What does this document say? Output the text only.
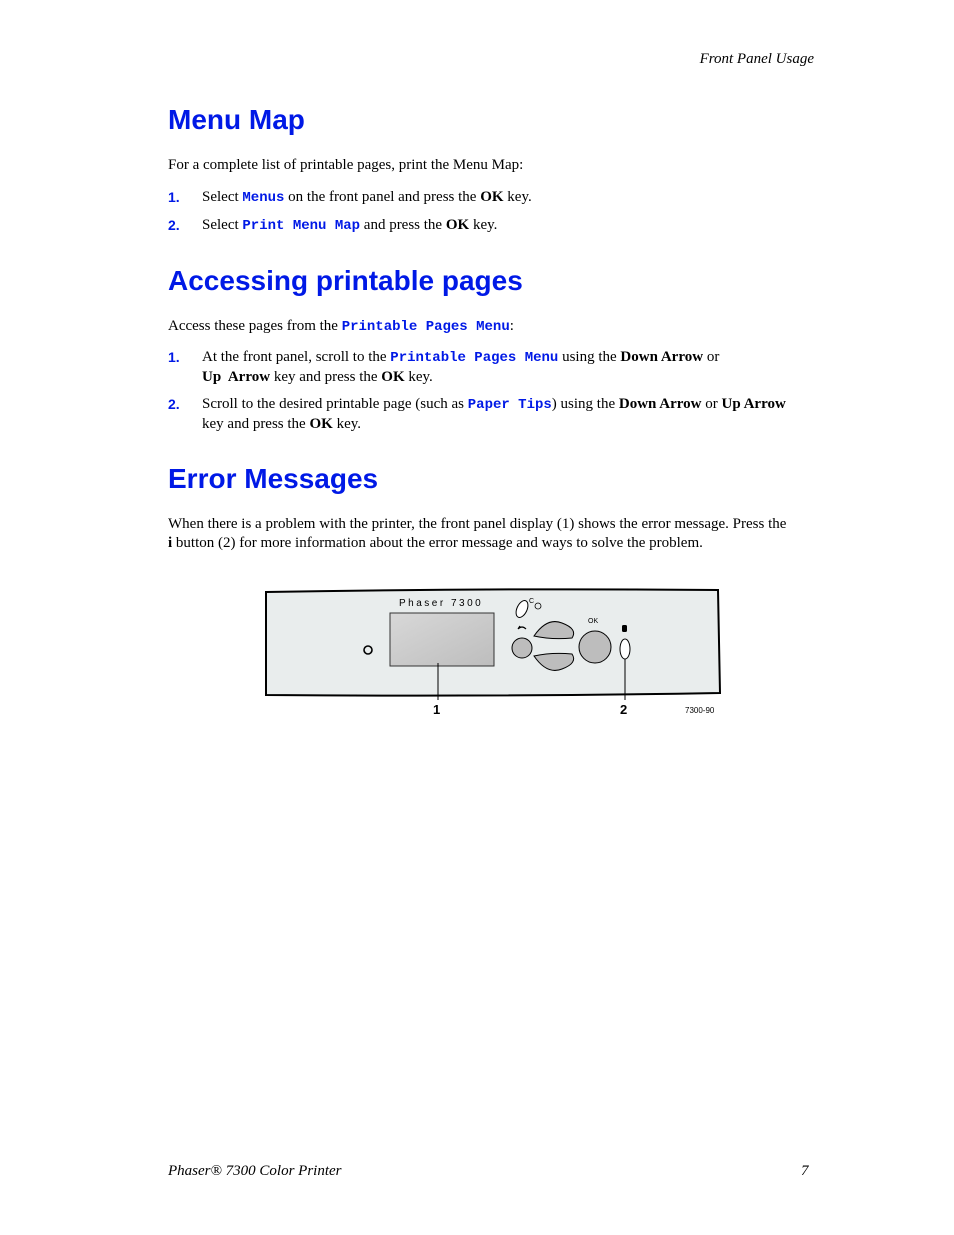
Front Panel Usage
Menu Map

For a complete list of printable pages, print the Menu Map:

1. Select Menus on the front panel and press the OK key.
2. Select Print Menu Map and press the OK key.
Accessing printable pages

Access these pages from the Printable Pages Menu:

1. At the front panel, scroll to the Printable Pages Menu using the Down Arrow or
Up  Arrow key and press the OK key.
2. Scroll to the desired printable page (such as Paper Tips) using the Down Arrow or Up Arrow
key and press the OK key.
Error Messages

When there is a problem with the printer, the front panel display (1) shows the error message. Press the
i button (2) for more information about the error message and ways to solve the problem.

Phaser 7300	C
OK
1	2	7300-90
Phaser® 7300 Color Printer	7
